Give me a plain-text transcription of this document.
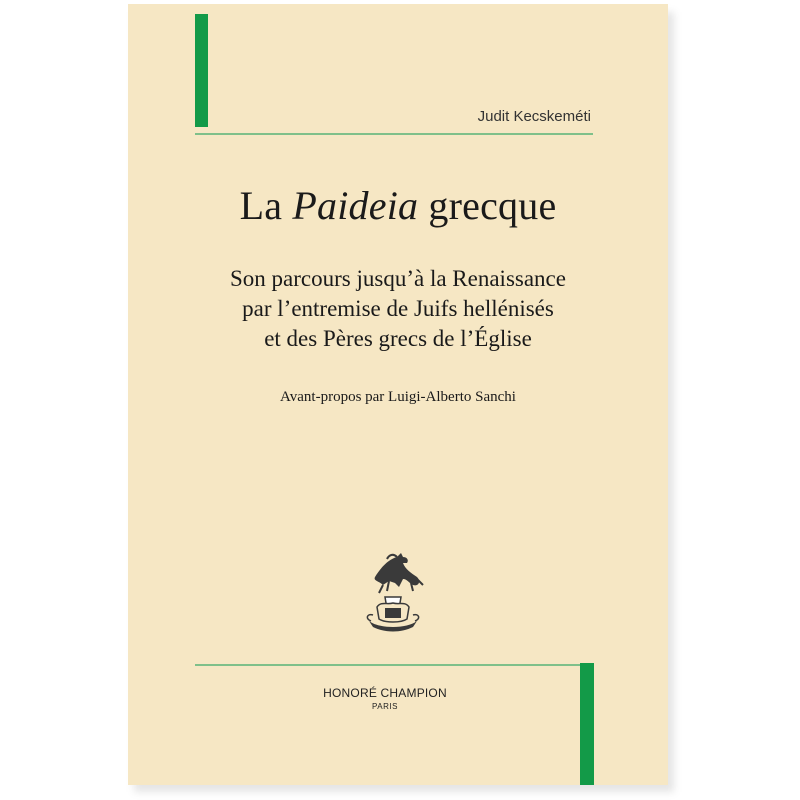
Judit Kecskeméti
La Paideia grecque
Son parcours jusqu’à la Renaissance
par l’entremise de Juifs hellénisés
et des Pères grecs de l’Église
Avant-propos par Luigi-Alberto Sanchi
HONORÉ CHAMPION
PARIS
